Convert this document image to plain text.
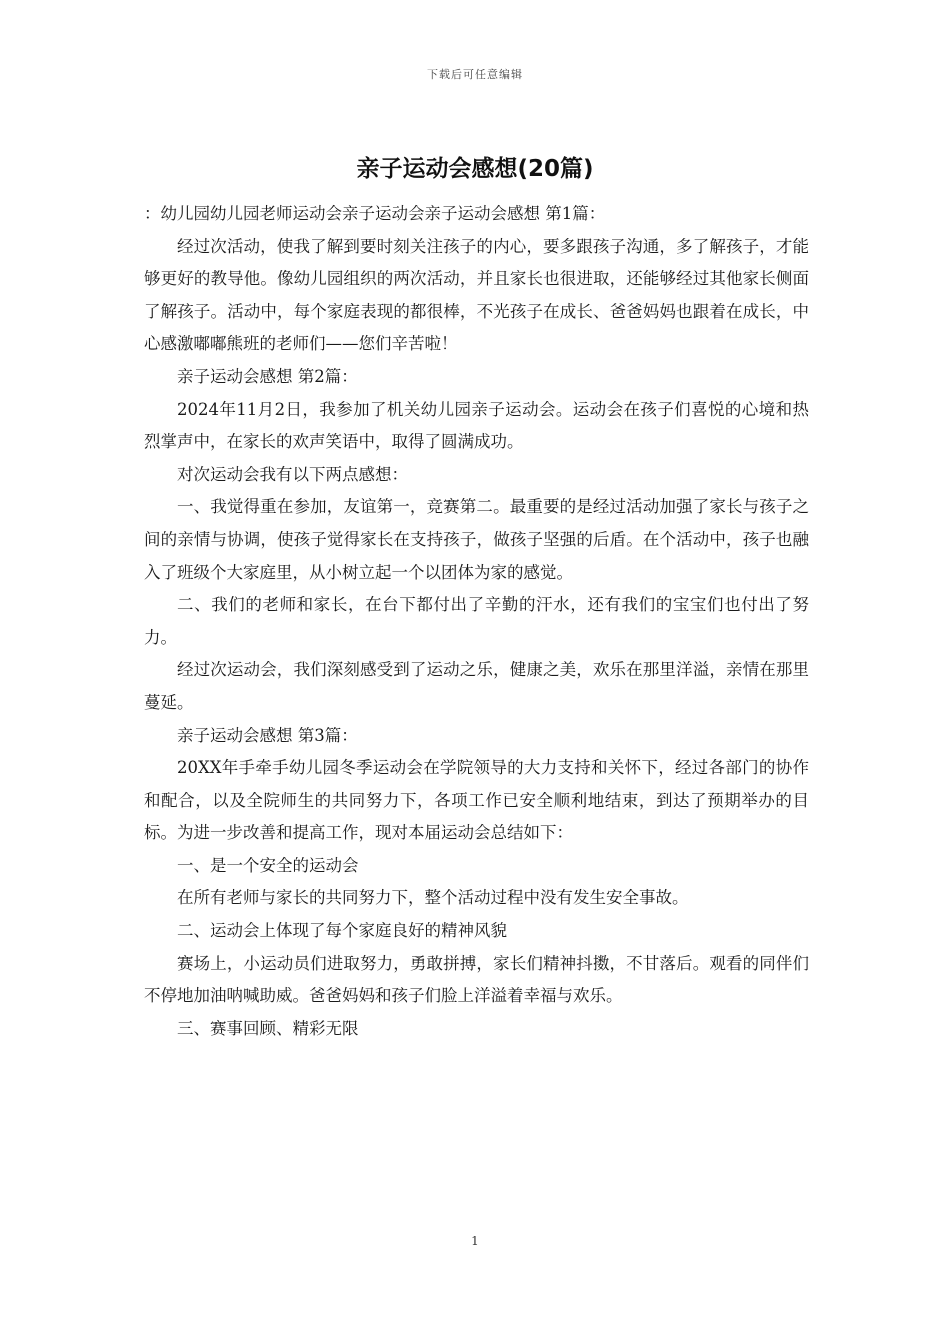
下载后可任意编辑
亲子运动会感想(20篇)

：幼儿园幼儿园老师运动会亲子运动会亲子运动会感想 第1篇：

经过次活动，使我了解到要时刻关注孩子的内心，要多跟孩子沟通，多了解孩子，才能够更好的教导他。像幼儿园组织的两次活动，并且家长也很进取，还能够经过其他家长侧面了解孩子。活动中，每个家庭表现的都很棒，不光孩子在成长、爸爸妈妈也跟着在成长，中心感激嘟嘟熊班的老师们——您们辛苦啦！

亲子运动会感想 第2篇：

2024年11月2日，我参加了机关幼儿园亲子运动会。运动会在孩子们喜悦的心境和热烈掌声中，在家长的欢声笑语中，取得了圆满成功。

对次运动会我有以下两点感想：

一、我觉得重在参加，友谊第一，竞赛第二。最重要的是经过活动加强了家长与孩子之间的亲情与协调，使孩子觉得家长在支持孩子，做孩子坚强的后盾。在个活动中，孩子也融入了班级个大家庭里，从小树立起一个以团体为家的感觉。

二、我们的老师和家长，在台下都付出了辛勤的汗水，还有我们的宝宝们也付出了努力。

经过次运动会，我们深刻感受到了运动之乐，健康之美，欢乐在那里洋溢，亲情在那里蔓延。

亲子运动会感想 第3篇：

20XX年手牵手幼儿园冬季运动会在学院领导的大力支持和关怀下，经过各部门的协作和配合，以及全院师生的共同努力下，各项工作已安全顺利地结束，到达了预期举办的目标。为进一步改善和提高工作，现对本届运动会总结如下：

一、是一个安全的运动会

在所有老师与家长的共同努力下，整个活动过程中没有发生安全事故。

二、运动会上体现了每个家庭良好的精神风貌

赛场上，小运动员们进取努力，勇敢拼搏，家长们精神抖擞，不甘落后。观看的同伴们不停地加油呐喊助威。爸爸妈妈和孩子们脸上洋溢着幸福与欢乐。

三、赛事回顾、精彩无限

1
